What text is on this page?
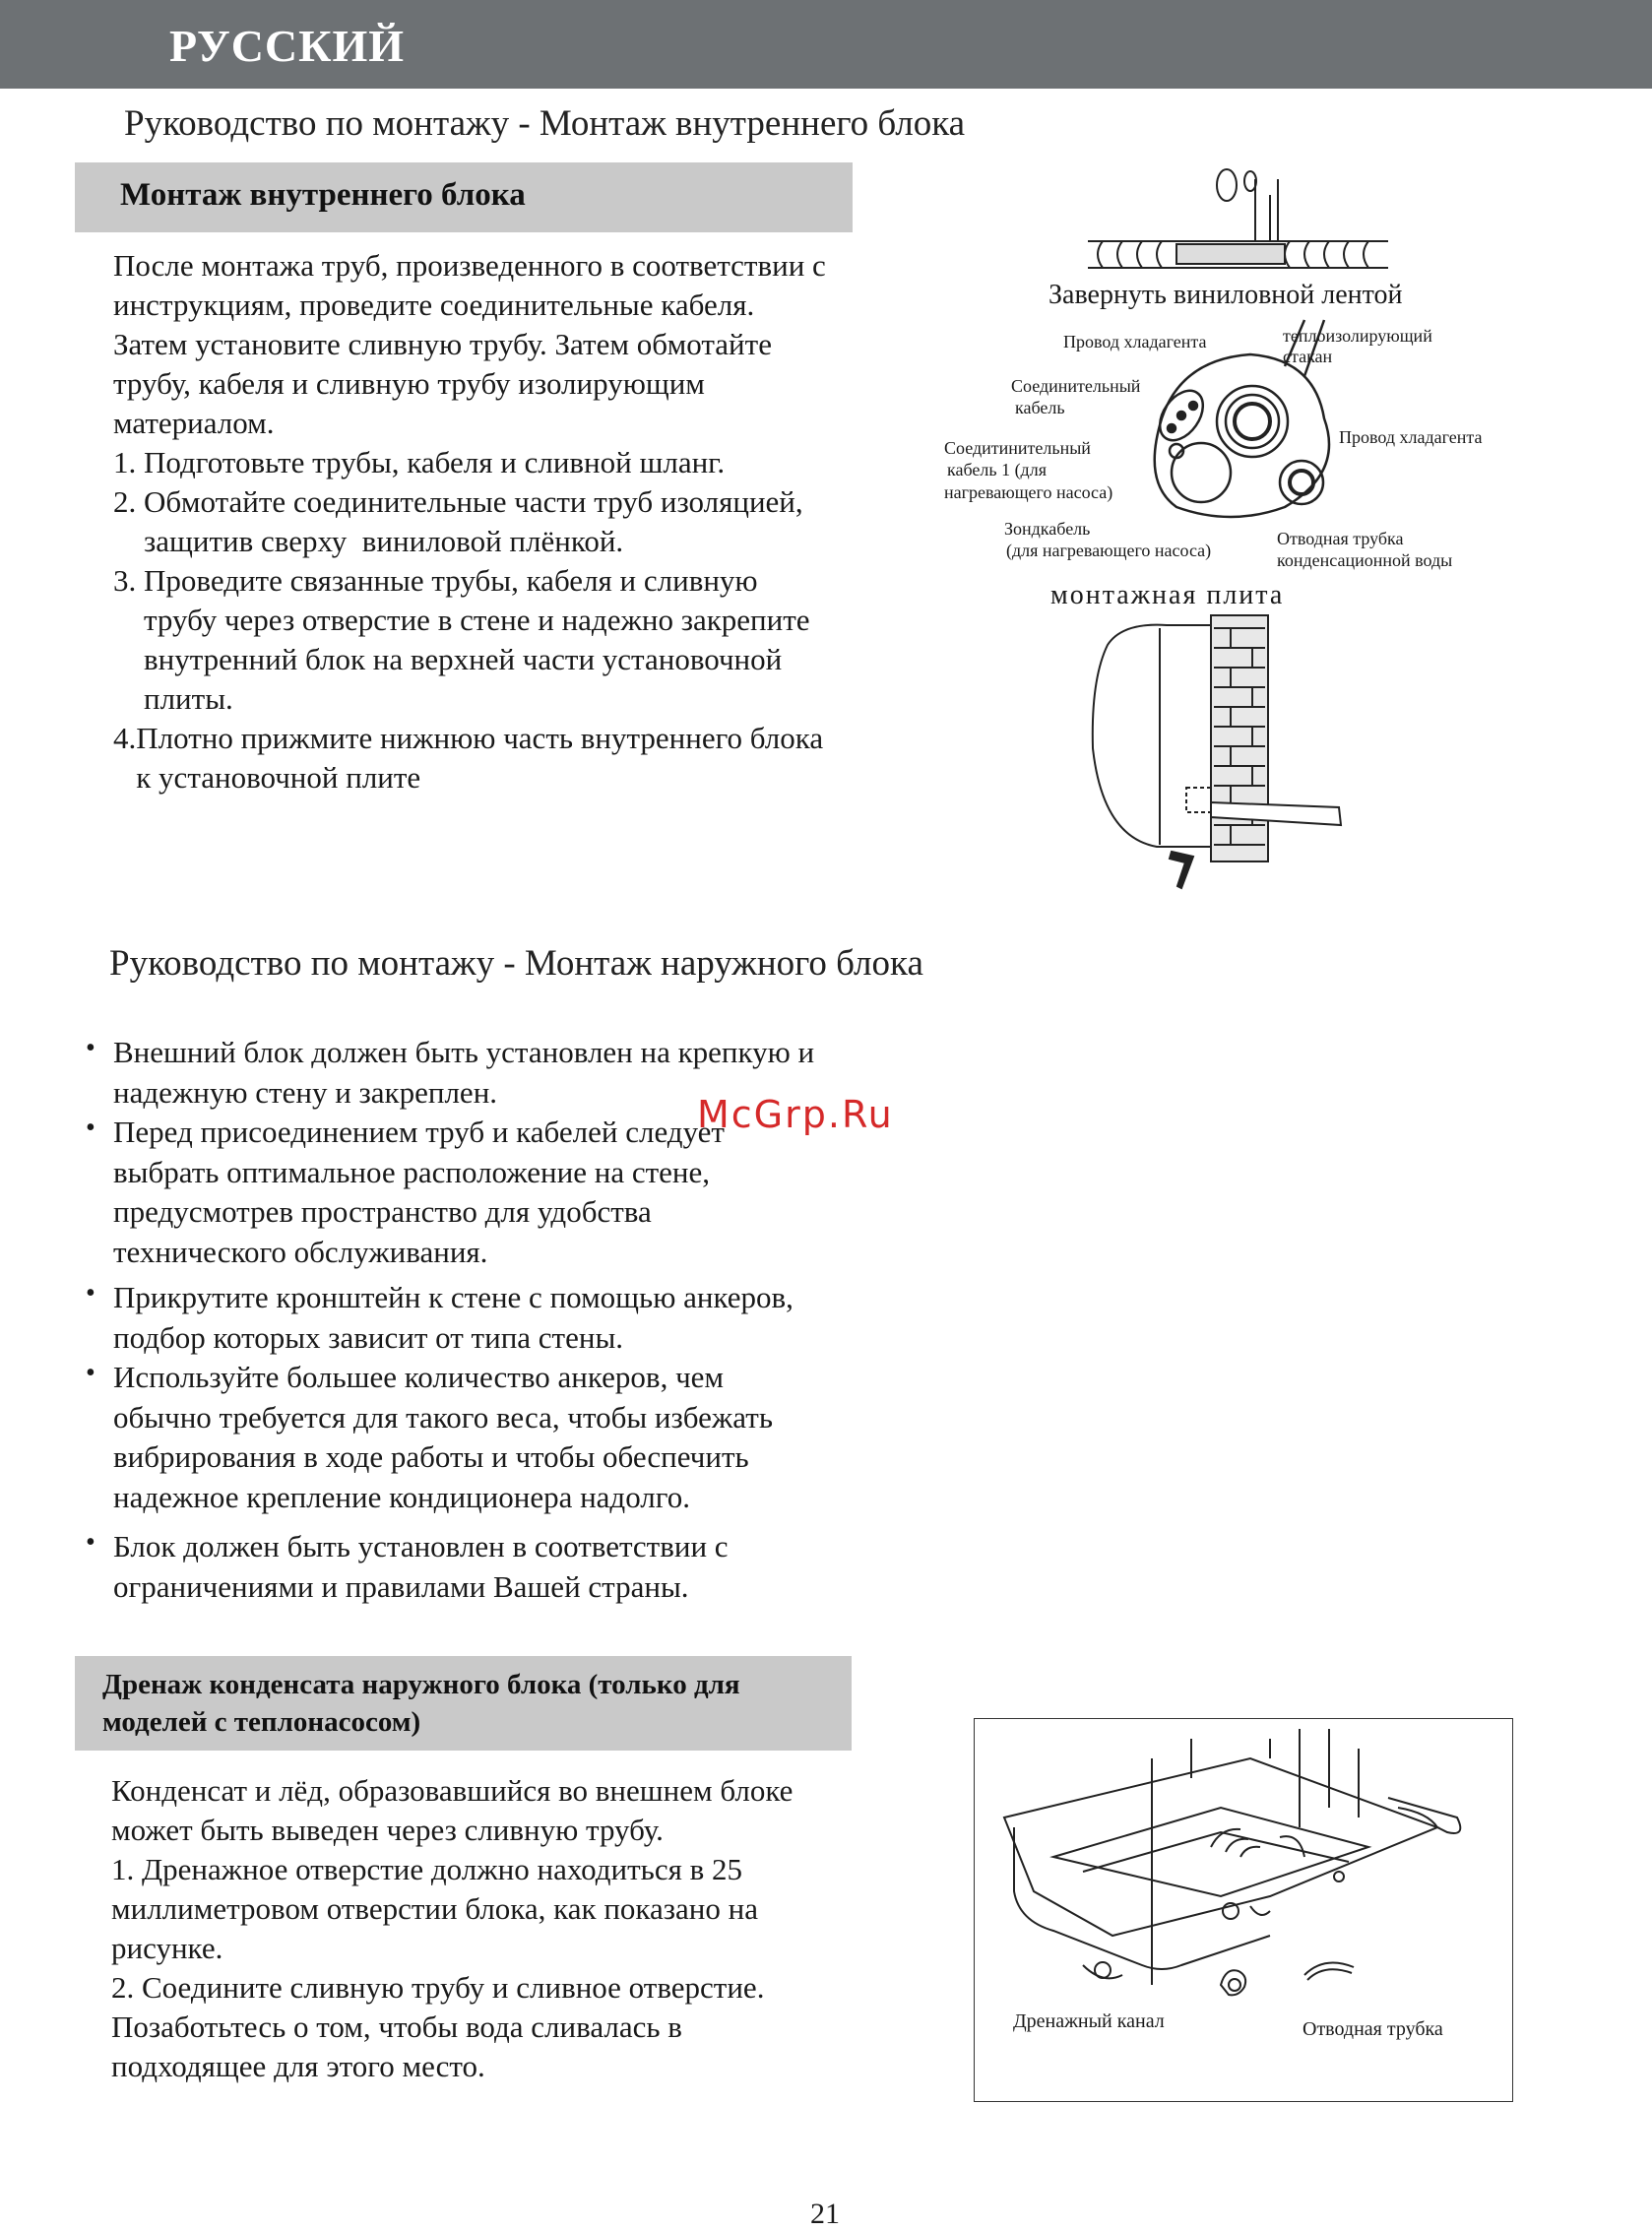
РУССКИЙ
Руководство по монтажу - Монтаж внутреннего блока
Монтаж внутреннего блока
После монтажа труб, произведенного в соответствии с
инструкциям, проведите соединительные кабеля.
Затем установите сливную трубу. Затем обмотайте
трубу, кабеля и сливную трубу изолирующим
материалом.
1. Подготовьте трубы, кабеля и сливной шланг.
2. Обмотайте соединительные части труб изоляцией,
защитив сверху  виниловой плёнкой.
3. Проведите связанные трубы, кабеля и сливную
трубу через отверстие в стене и надежно закрепите
внутренний блок на верхней части установочной
плиты.
4.Плотно прижмите нижнюю часть внутреннего блока
к установочной плите
Завернуть виниловной лентой
Провод хладагента	теплоизолирующий
стакан
Соединительный
кабель
Провод хладагента
Соедитинительный
кабель 1 (для
нагревающего насоса)
Зондкабель
(для нагревающего насоса)
Отводная трубка
конденсационной воды
монтажная плита
Руководство по монтажу - Монтаж наружного блока
• Внешний блок должен быть установлен на крепкую и
надежную стену и закреплен.
• Перед присоединением труб и кабелей следует
выбрать оптимальное расположение на стене,
предусмотрев пространство для удобства
технического обслуживания.
• Прикрутите кронштейн к стене с помощью анкеров,
подбор которых зависит от типа стены.
• Используйте большее количество анкеров, чем
обычно требуется для такого веса, чтобы избежать
вибрирования в ходе работы и чтобы обеспечить
надежное крепление кондиционера надолго.
• Блок должен быть установлен в соответствии с
ограничениями и правилами Вашей страны.
McGrp.Ru
Дренаж конденсата наружного блока (только для
моделей с теплонасосом)
Конденсат и лёд, образовавшийся во внешнем блоке
может быть выведен через сливную трубу.
1. Дренажное отверстие должно находиться в 25
миллиметровом отверстии блока, как показано на
рисунке.
2. Соедините сливную трубу и сливное отверстие.
Позаботьтесь о том, чтобы вода сливалась в
подходящее для этого место.
Дренажный канал	Отводная трубка
21
